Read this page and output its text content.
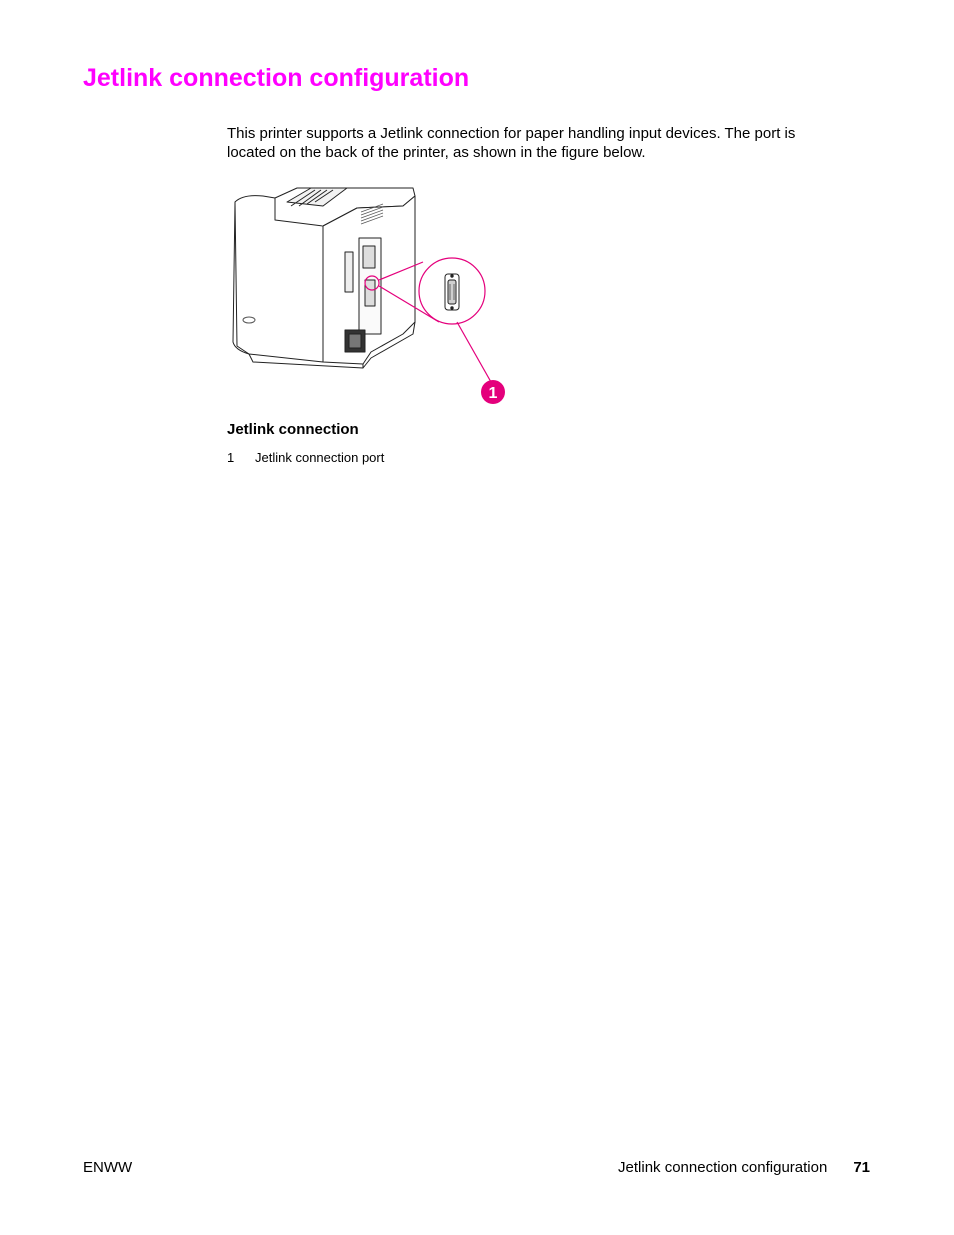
Jetlink connection configuration

This printer supports a Jetlink connection for paper handling input devices. The port is located on the back of the printer, as shown in the figure below.

1

Jetlink connection

1 Jetlink connection port
ENWW	Jetlink connection configuration 71
